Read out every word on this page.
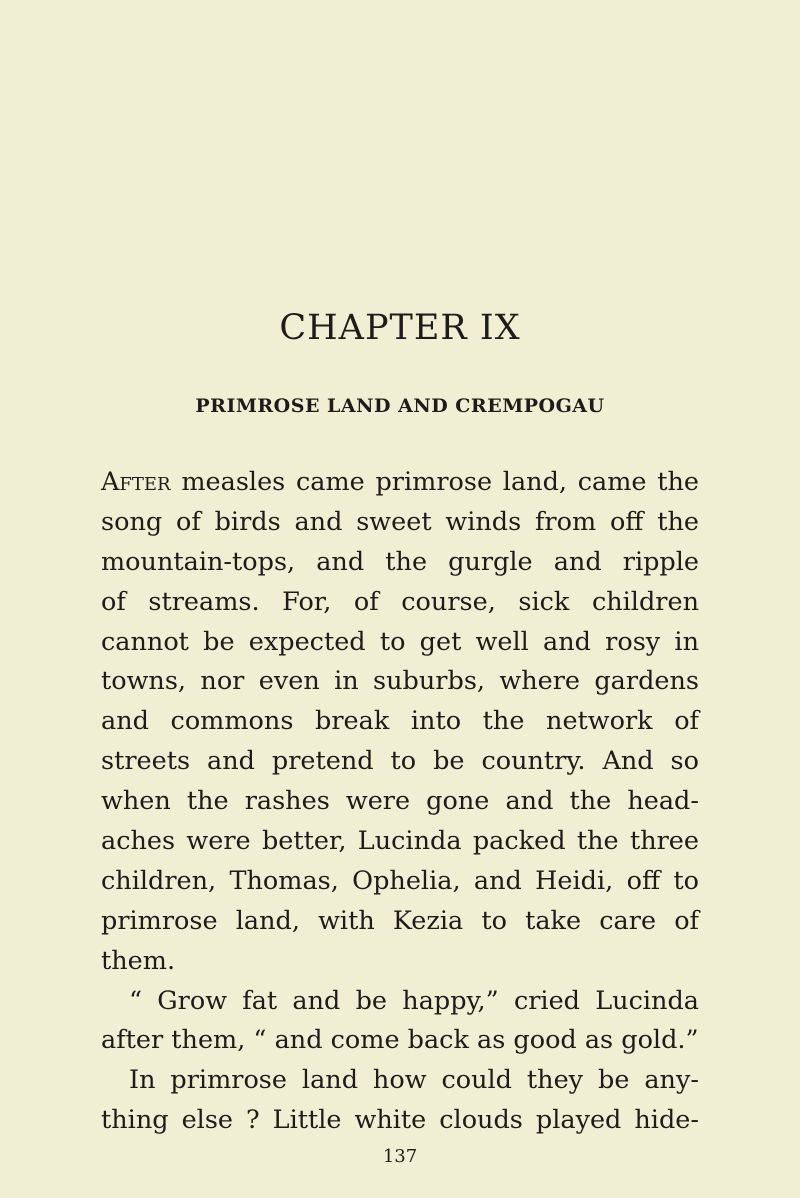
CHAPTER IX
PRIMROSE LAND AND CREMPOGAU
After measles came primrose land, came the
song of birds and sweet winds from off the
mountain-tops, and the gurgle and ripple
of streams. For, of course, sick children
cannot be expected to get well and rosy in
towns, nor even in suburbs, where gardens
and commons break into the network of
streets and pretend to be country. And so
when the rashes were gone and the head-
aches were better, Lucinda packed the three
children, Thomas, Ophelia, and Heidi, off to
primrose land, with Kezia to take care of
them.
“ Grow fat and be happy,” cried Lucinda
after them, “ and come back as good as gold.”
In primrose land how could they be any-
thing else ? Little white clouds played hide-

137
